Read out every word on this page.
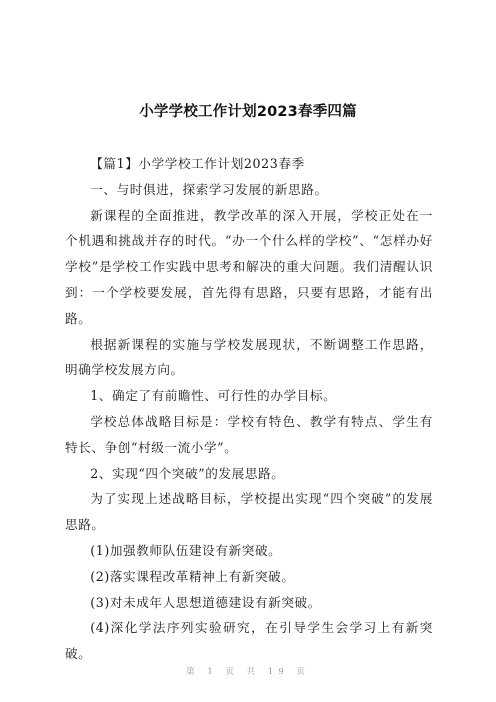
小学学校工作计划2023春季四篇

【篇1】小学学校工作计划2023春季

一、与时俱进，探索学习发展的新思路。

新课程的全面推进，教学改革的深入开展，学校正处在一个机遇和挑战并存的时代。“办一个什么样的学校”、“怎样办好学校”是学校工作实践中思考和解决的重大问题。我们清醒认识到：一个学校要发展，首先得有思路，只要有思路，才能有出路。

根据新课程的实施与学校发展现状，不断调整工作思路，明确学校发展方向。

1、确定了有前瞻性、可行性的办学目标。

学校总体战略目标是：学校有特色、教学有特点、学生有特长、争创“村级一流小学”。

2、实现“四个突破”的发展思路。

为了实现上述战略目标，学校提出实现“四个突破”的发展思路。

(1)加强教师队伍建设有新突破。

(2)落实课程改革精神上有新突破。

(3)对未成年人思想道德建设有新突破。

(4)深化学法序列实验研究，在引导学生会学习上有新突破。

第 1 页 共 19 页
